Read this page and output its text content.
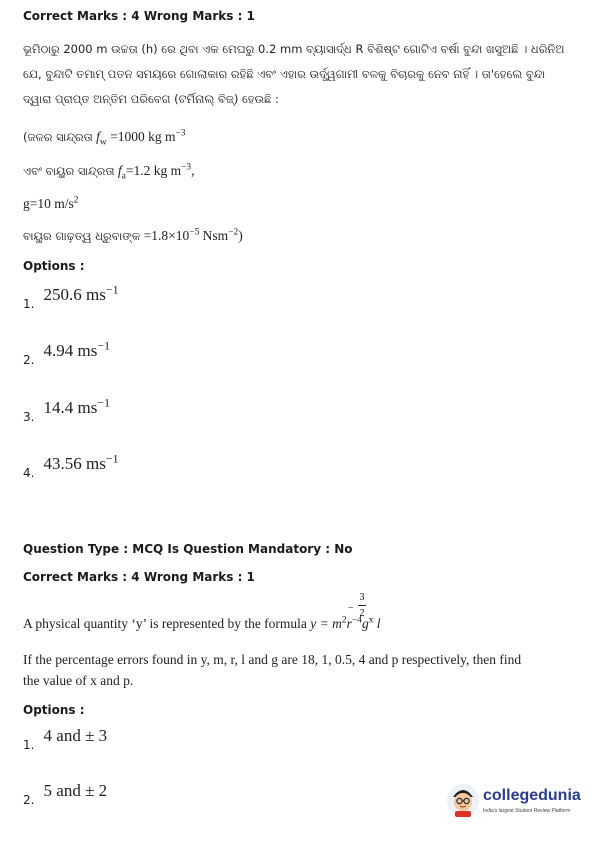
Correct Marks : 4 Wrong Marks : 1
ଭୂମିଠାରୁ 2000 m ଉଚ୍ଚତା (h) ରେ ଥିବା ଏକ ମେଘରୁ 0.2 mm ବ୍ୟାସାର୍ଦ୍ଧ R ବିଶିଷ୍ଟ ଗୋଟିଏ ବର୍ଷା ବୁନ୍ଦା ଖସୁଅଛି । ଧରିନିଅ
ଯେ, ବୁନ୍ଦାଟି ତମାମ୍ ପତନ ସମୟରେ ଗୋଲାକାର ରହିଛି ଏବଂ ଏହାର ଉର୍ଦ୍ଧ୍ୱଗାମୀ ବଳକୁ ବିଚାରକୁ ନେବ ନାହିଁ । ତା'ହେଲେ ବୁନ୍ଦା
ଦ୍ୱାରା ପ୍ରାପ୍ତ ଅନ୍ତିମ ପରିବେଗ (ଟର୍ମିନାଲ୍ ବିଜ୍) ହେଉଛି :
(ଜଳର ସାନ୍ଦ୍ରତା $f_w =1000$ kg $m^{-3}$
ଏବଂ ବାୟୁର ସାନ୍ଦ୍ରତା $f_a=1.2$ kg $m^{-3}$,
g=10 $m/s^2$
ବାୟୁର ଗାଢ଼ତ୍ୱ ଧ୍ରୁବାଙ୍କ $=1.8\times 10^{-5}$ Nsm$^{-2}$)
Options :
$_{1.}$ 250.6 $ms^{-1}$
$_{2.}$ 4.94 $ms^{-1}$
$_{3.}$ 14.4 $ms^{-1}$
$_{4.}$ 43.56 $ms^{-1}$
Question Type : MCQ Is Question Mandatory : No
Correct Marks : 4 Wrong Marks : 1
A physical quantity ‘y’ is represented by the formula $y = m^2r^{-4}g^x$ l
3
− 2
If the percentage errors found in y, m, r, l and g are 18, 1, 0.5, 4 and p respectively, then find
the value of x and p.
Options :
$_{1.}$ 4 and ± 3
$_{2.}$ 5 and ± 2	collegedunia
India's largest Student Review Platform
